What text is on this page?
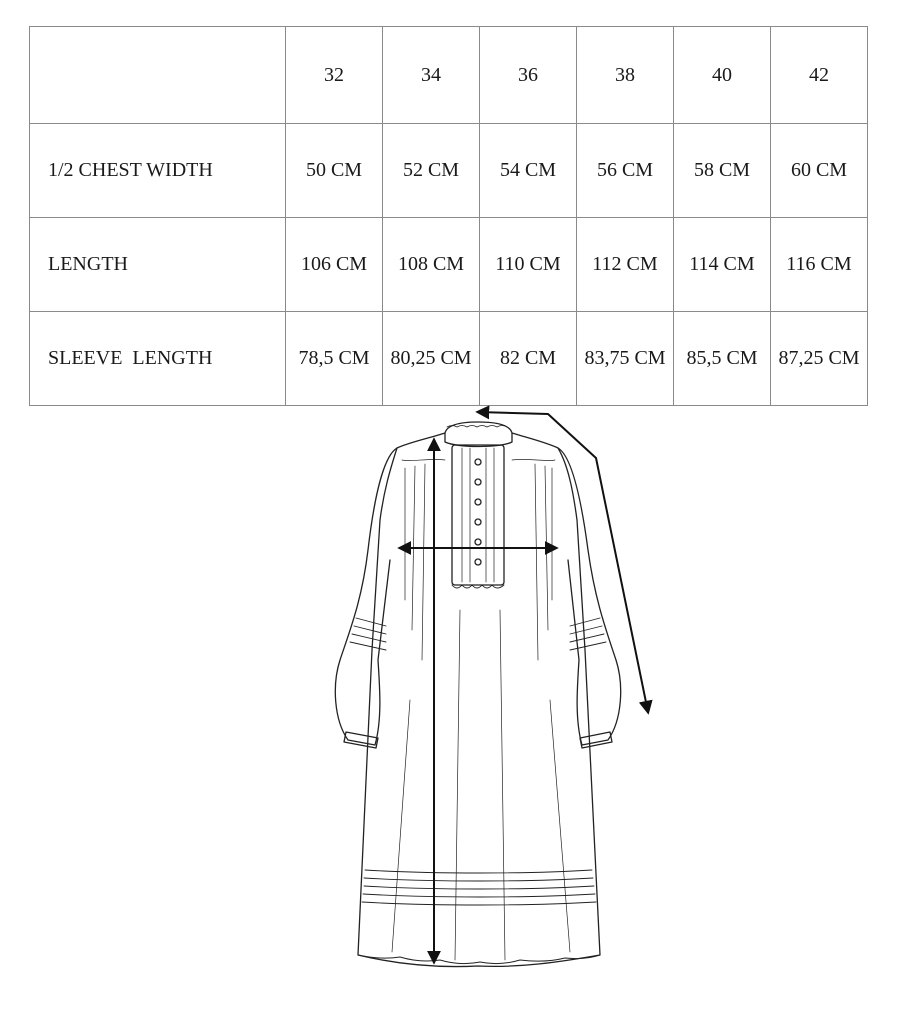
	32	34	36	38	40	42
1/2 CHEST WIDTH	50 CM	52 CM	54 CM	56 CM	58 CM	60 CM
LENGTH	106 CM	108 CM	110 CM	112 CM	114 CM	116 CM
SLEEVE  LENGTH	78,5 CM	80,25 CM	82 CM	83,75 CM	85,5 CM	87,25 CM
